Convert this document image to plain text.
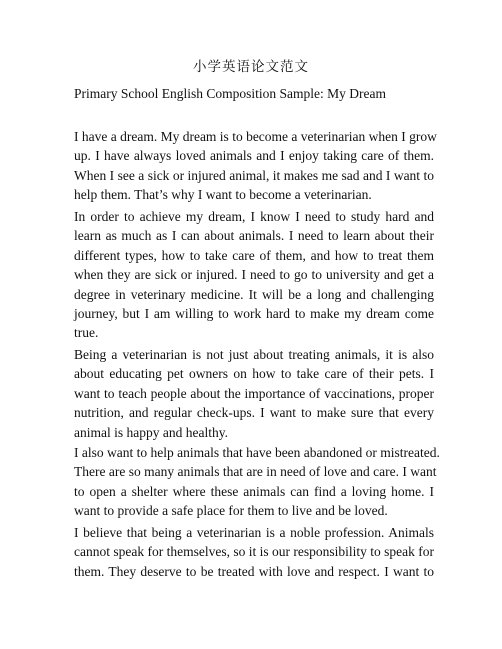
小学英语论文范文
Primary School English Composition Sample: My Dream
I have a dream. My dream is to become a veterinarian when I grow
up. I have always loved animals and I enjoy taking care of them.
When I see a sick or injured animal, it makes me sad and I want to
help them. That’s why I want to become a veterinarian.
In order to achieve my dream, I know I need to study hard and
learn as much as I can about animals. I need to learn about their
different types, how to take care of them, and how to treat them
when they are sick or injured. I need to go to university and get a
degree in veterinary medicine. It will be a long and challenging
journey, but I am willing to work hard to make my dream come
true.
Being a veterinarian is not just about treating animals, it is also
about educating pet owners on how to take care of their pets. I
want to teach people about the importance of vaccinations, proper
nutrition, and regular check-ups. I want to make sure that every
animal is happy and healthy.
I also want to help animals that have been abandoned or mistreated.
There are so many animals that are in need of love and care. I want
to open a shelter where these animals can find a loving home. I
want to provide a safe place for them to live and be loved.
I believe that being a veterinarian is a noble profession. Animals
cannot speak for themselves, so it is our responsibility to speak for
them. They deserve to be treated with love and respect. I want to
